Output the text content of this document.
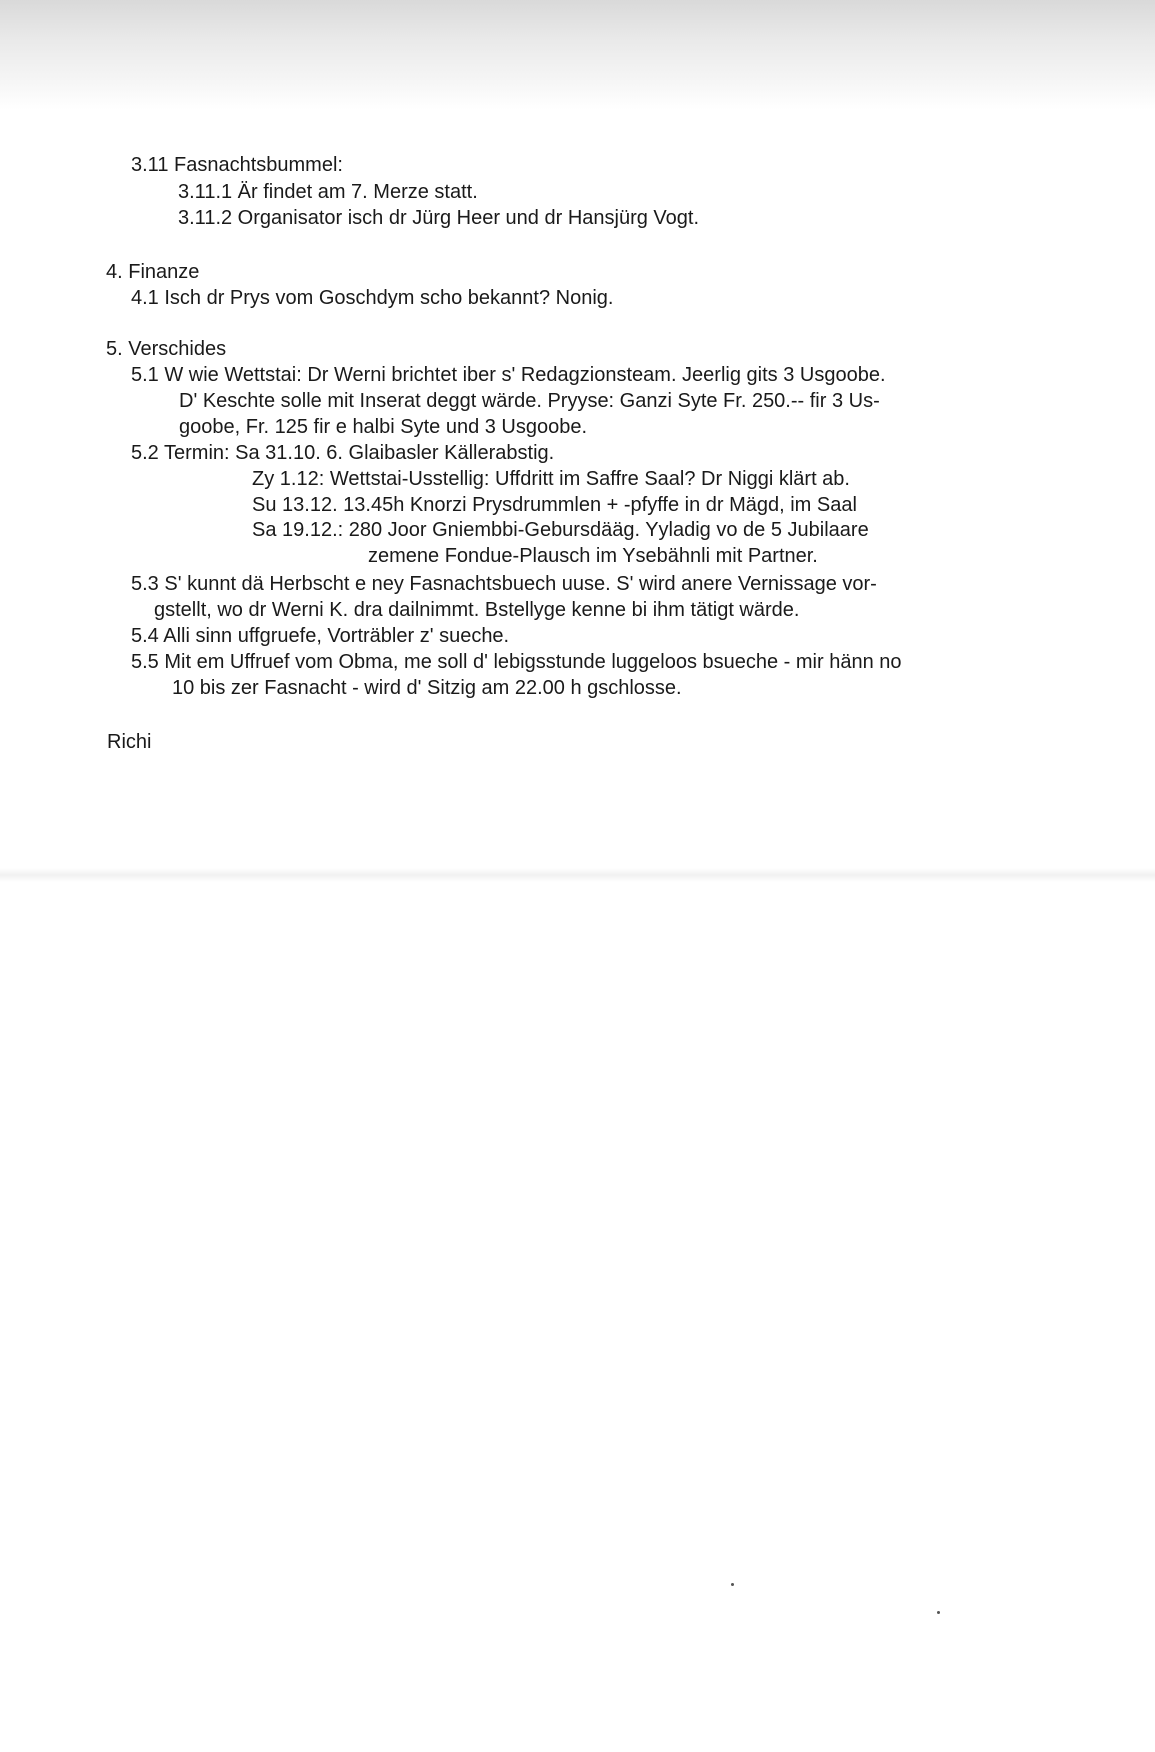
3.11 Fasnachtsbummel:

3.11.1 Är findet am 7. Merze statt.

3.11.2 Organisator isch dr Jürg Heer und dr Hansjürg Vogt.

4. Finanze

4.1 Isch dr Prys vom Goschdym scho bekannt? Nonig.

5. Verschides

5.1 W wie Wettstai: Dr Werni brichtet iber s' Redagzionsteam. Jeerlig gits 3 Usgoobe.

D' Keschte solle mit Inserat deggt wärde. Pryyse: Ganzi Syte Fr. 250.-- fir 3 Us-

goobe, Fr. 125 fir e halbi Syte und 3 Usgoobe.

5.2 Termin: Sa 31.10. 6. Glaibasler Källerabstig.

Zy 1.12: Wettstai-Usstellig: Uffdritt im Saffre Saal? Dr Niggi klärt ab.

Su 13.12. 13.45h Knorzi Prysdrummlen + -pfyffe in dr Mägd, im Saal

Sa 19.12.: 280 Joor Gniembbi-Gebursdääg. Yyladig vo de 5 Jubilaare

zemene Fondue-Plausch im Ysebähnli mit Partner.

5.3 S' kunnt dä Herbscht e ney Fasnachtsbuech uuse. S' wird anere Vernissage vor-

gstellt, wo dr Werni K. dra dailnimmt. Bstellyge kenne bi ihm tätigt wärde.

5.4 Alli sinn uffgruefe, Vorträbler z' sueche.

5.5 Mit em Uffruef vom Obma, me soll d' lebigsstunde luggeloos bsueche - mir hänn no

10 bis zer Fasnacht - wird d' Sitzig am 22.00 h gschlosse.

Richi
